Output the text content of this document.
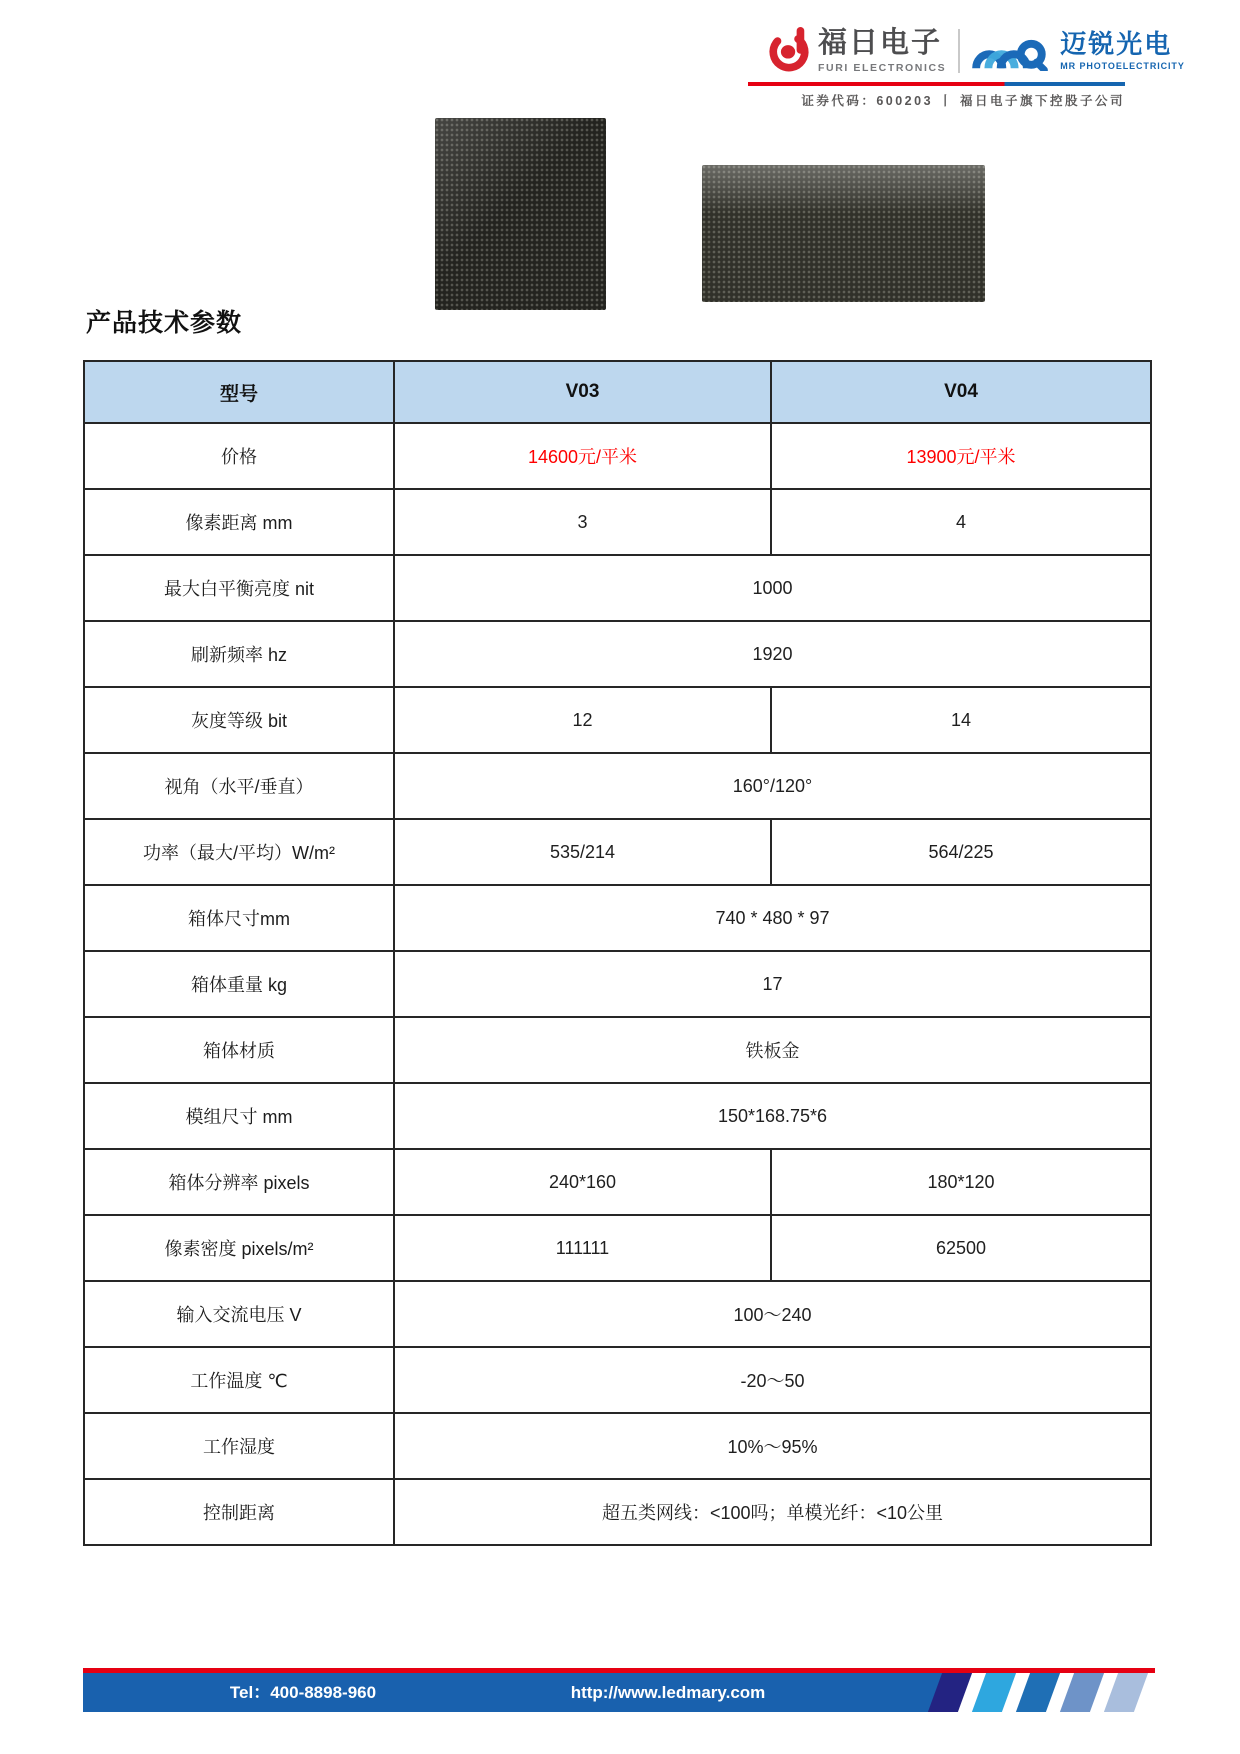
福日电子
FURI ELECTRONICS
迈锐光电
MR PHOTOELECTRICITY
证券代码：600203 丨 福日电子旗下控股子公司
产品技术参数
型号	V03	V04
价格	14600元/平米	13900元/平米
像素距离 mm	3	4
最大白平衡亮度 nit	1000	
刷新频率 hz	1920	
灰度等级 bit	12	14
视角（水平/垂直）	160°/120°	
功率（最大/平均）W/m²	535/214	564/225
箱体尺寸mm	740 * 480 * 97	
箱体重量 kg	17	
箱体材质	铁板金	
模组尺寸 mm	150*168.75*6	
箱体分辨率 pixels	240*160	180*120
像素密度 pixels/m²	111111	62500
输入交流电压 V	100～240	
工作温度 ℃	-20～50	
工作湿度	10%～95%	
控制距离	超五类网线：<100吗；单模光纤：<10公里	
Tel：400-8898-960	http://www.ledmary.com
